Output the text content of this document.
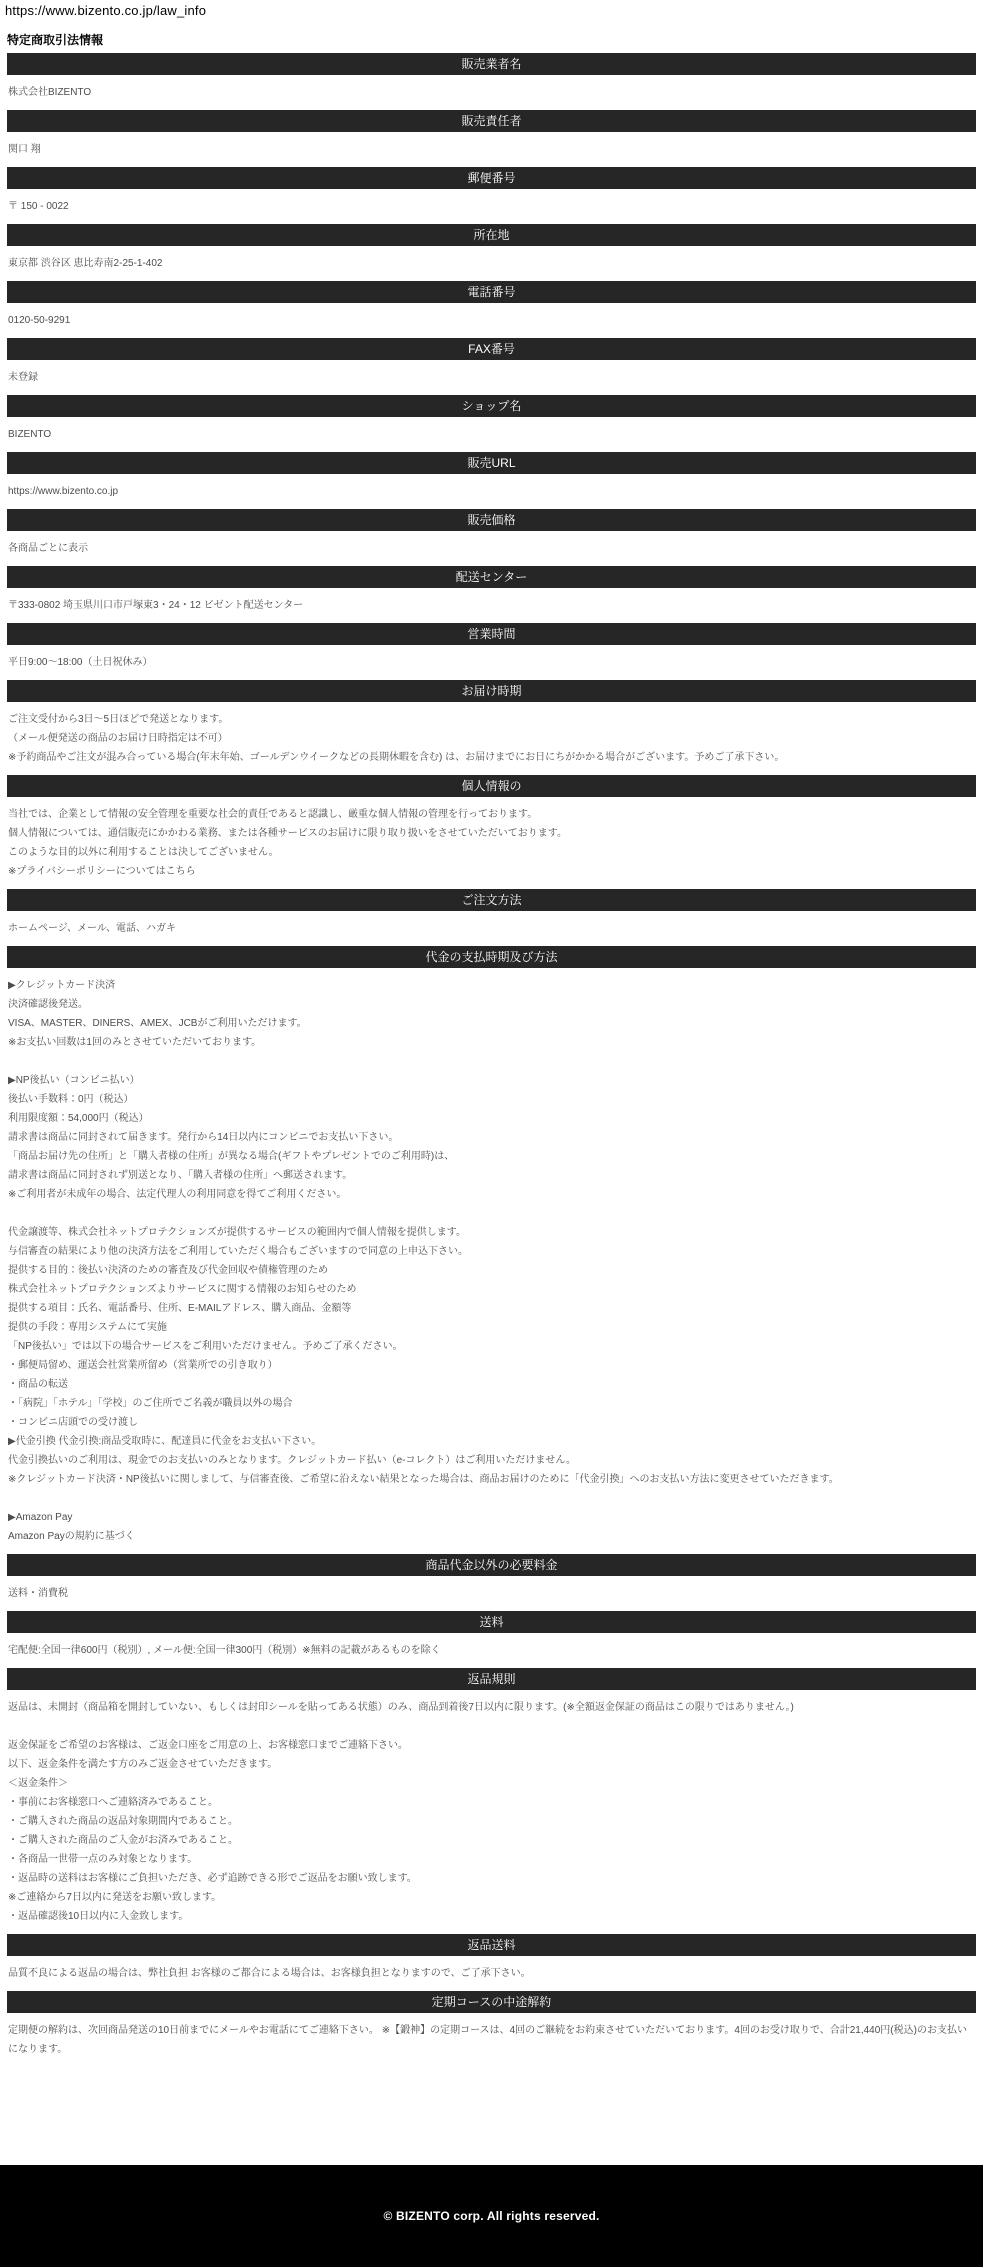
https://www.bizento.co.jp/law_info
特定商取引法情報
販売業者名
株式会社BIZENTO
販売責任者
関口 翔
郵便番号
〒 150 - 0022
所在地
東京都 渋谷区 恵比寿南2-25-1-402
電話番号
0120-50-9291
FAX番号
未登録
ショップ名
BIZENTO
販売URL
https://www.bizento.co.jp
販売価格
各商品ごとに表示
配送センター
〒333-0802 埼玉県川口市戸塚東3・24・12 ビゼント配送センター
営業時間
平日9:00～18:00（土日祝休み）
お届け時期
ご注文受付から3日～5日ほどで発送となります。
（メール便発送の商品のお届け日時指定は不可）
※予約商品やご注文が混み合っている場合(年末年始、ゴールデンウイークなどの長期休暇を含む) は、お届けまでにお日にちがかかる場合がございます。予めご了承下さい。
個人情報の
当社では、企業として情報の安全管理を重要な社会的責任であると認識し、厳重な個人情報の管理を行っております。
個人情報については、通信販売にかかわる業務、または各種サービスのお届けに限り取り扱いをさせていただいております。
このような目的以外に利用することは決してございません。
※プライバシーポリシーについてはこちら
ご注文方法
ホームページ、メール、電話、ハガキ
代金の支払時期及び方法
▶クレジットカード決済
決済確認後発送。
VISA、MASTER、DINERS、AMEX、JCBがご利用いただけます。
※お支払い回数は1回のみとさせていただいております。
▶NP後払い（コンビニ払い）
後払い手数料：0円（税込）
利用限度額：54,000円（税込）
請求書は商品に同封されて届きます。発行から14日以内にコンビニでお支払い下さい。
「商品お届け先の住所」と「購入者様の住所」が異なる場合(ギフトやプレゼントでのご利用時)は、
請求書は商品に同封されず別送となり、「購入者様の住所」へ郵送されます。
※ご利用者が未成年の場合、法定代理人の利用同意を得てご利用ください。
代金譲渡等、株式会社ネットプロテクションズが提供するサービスの範囲内で個人情報を提供します。
与信審査の結果により他の決済方法をご利用していただく場合もございますので同意の上申込下さい。
提供する目的：後払い決済のための審査及び代金回収や債権管理のため
株式会社ネットプロテクションズよりサービスに関する情報のお知らせのため
提供する項目：氏名、電話番号、住所、E-MAILアドレス、購入商品、金額等
提供の手段：専用システムにて実施
「NP後払い」では以下の場合サービスをご利用いただけません。予めご了承ください。
・郵便局留め、運送会社営業所留め（営業所での引き取り）
・商品の転送
・「病院」「ホテル」「学校」のご住所でご名義が職員以外の場合
・コンビニ店頭での受け渡し
▶代金引換 代金引換:商品受取時に、配達員に代金をお支払い下さい。
代金引換払いのご利用は、現金でのお支払いのみとなります。クレジットカード払い（e-コレクト）はご利用いただけません。
※クレジットカード決済・NP後払いに関しまして、与信審査後、ご希望に沿えない結果となった場合は、商品お届けのために「代金引換」へのお支払い方法に変更させていただきます。
▶Amazon Pay
Amazon Payの規約に基づく
商品代金以外の必要料金
送料・消費税
送料
宅配便:全国一律600円（税別）, メール便:全国一律300円（税別）※無料の記載があるものを除く
返品規則
返品は、未開封（商品箱を開封していない、もしくは封印シールを貼ってある状態）のみ、商品到着後7日以内に限ります。(※全額返金保証の商品はこの限りではありません。)
返金保証をご希望のお客様は、ご返金口座をご用意の上、お客様窓口までご連絡下さい。
以下、返金条件を満たす方のみご返金させていただきます。
＜返金条件＞
・事前にお客様窓口へご連絡済みであること。
・ご購入された商品の返品対象期間内であること。
・ご購入された商品のご入金がお済みであること。
・各商品一世帯一点のみ対象となります。
・返品時の送料はお客様にご負担いただき、必ず追跡できる形でご返品をお願い致します。
※ご連絡から7日以内に発送をお願い致します。
・返品確認後10日以内に入金致します。
返品送料
品質不良による返品の場合は、弊社負担 お客様のご都合による場合は、お客様負担となりますので、ご了承下さい。
定期コースの中途解約
定期便の解約は、次回商品発送の10日前までにメールやお電話にてご連絡下さい。 ※【鍛神】の定期コースは、4回のご継続をお約束させていただいております。4回のお受け取りで、合計21,440円(税込)のお支払いになります。
© BIZENTO corp. All rights reserved.
